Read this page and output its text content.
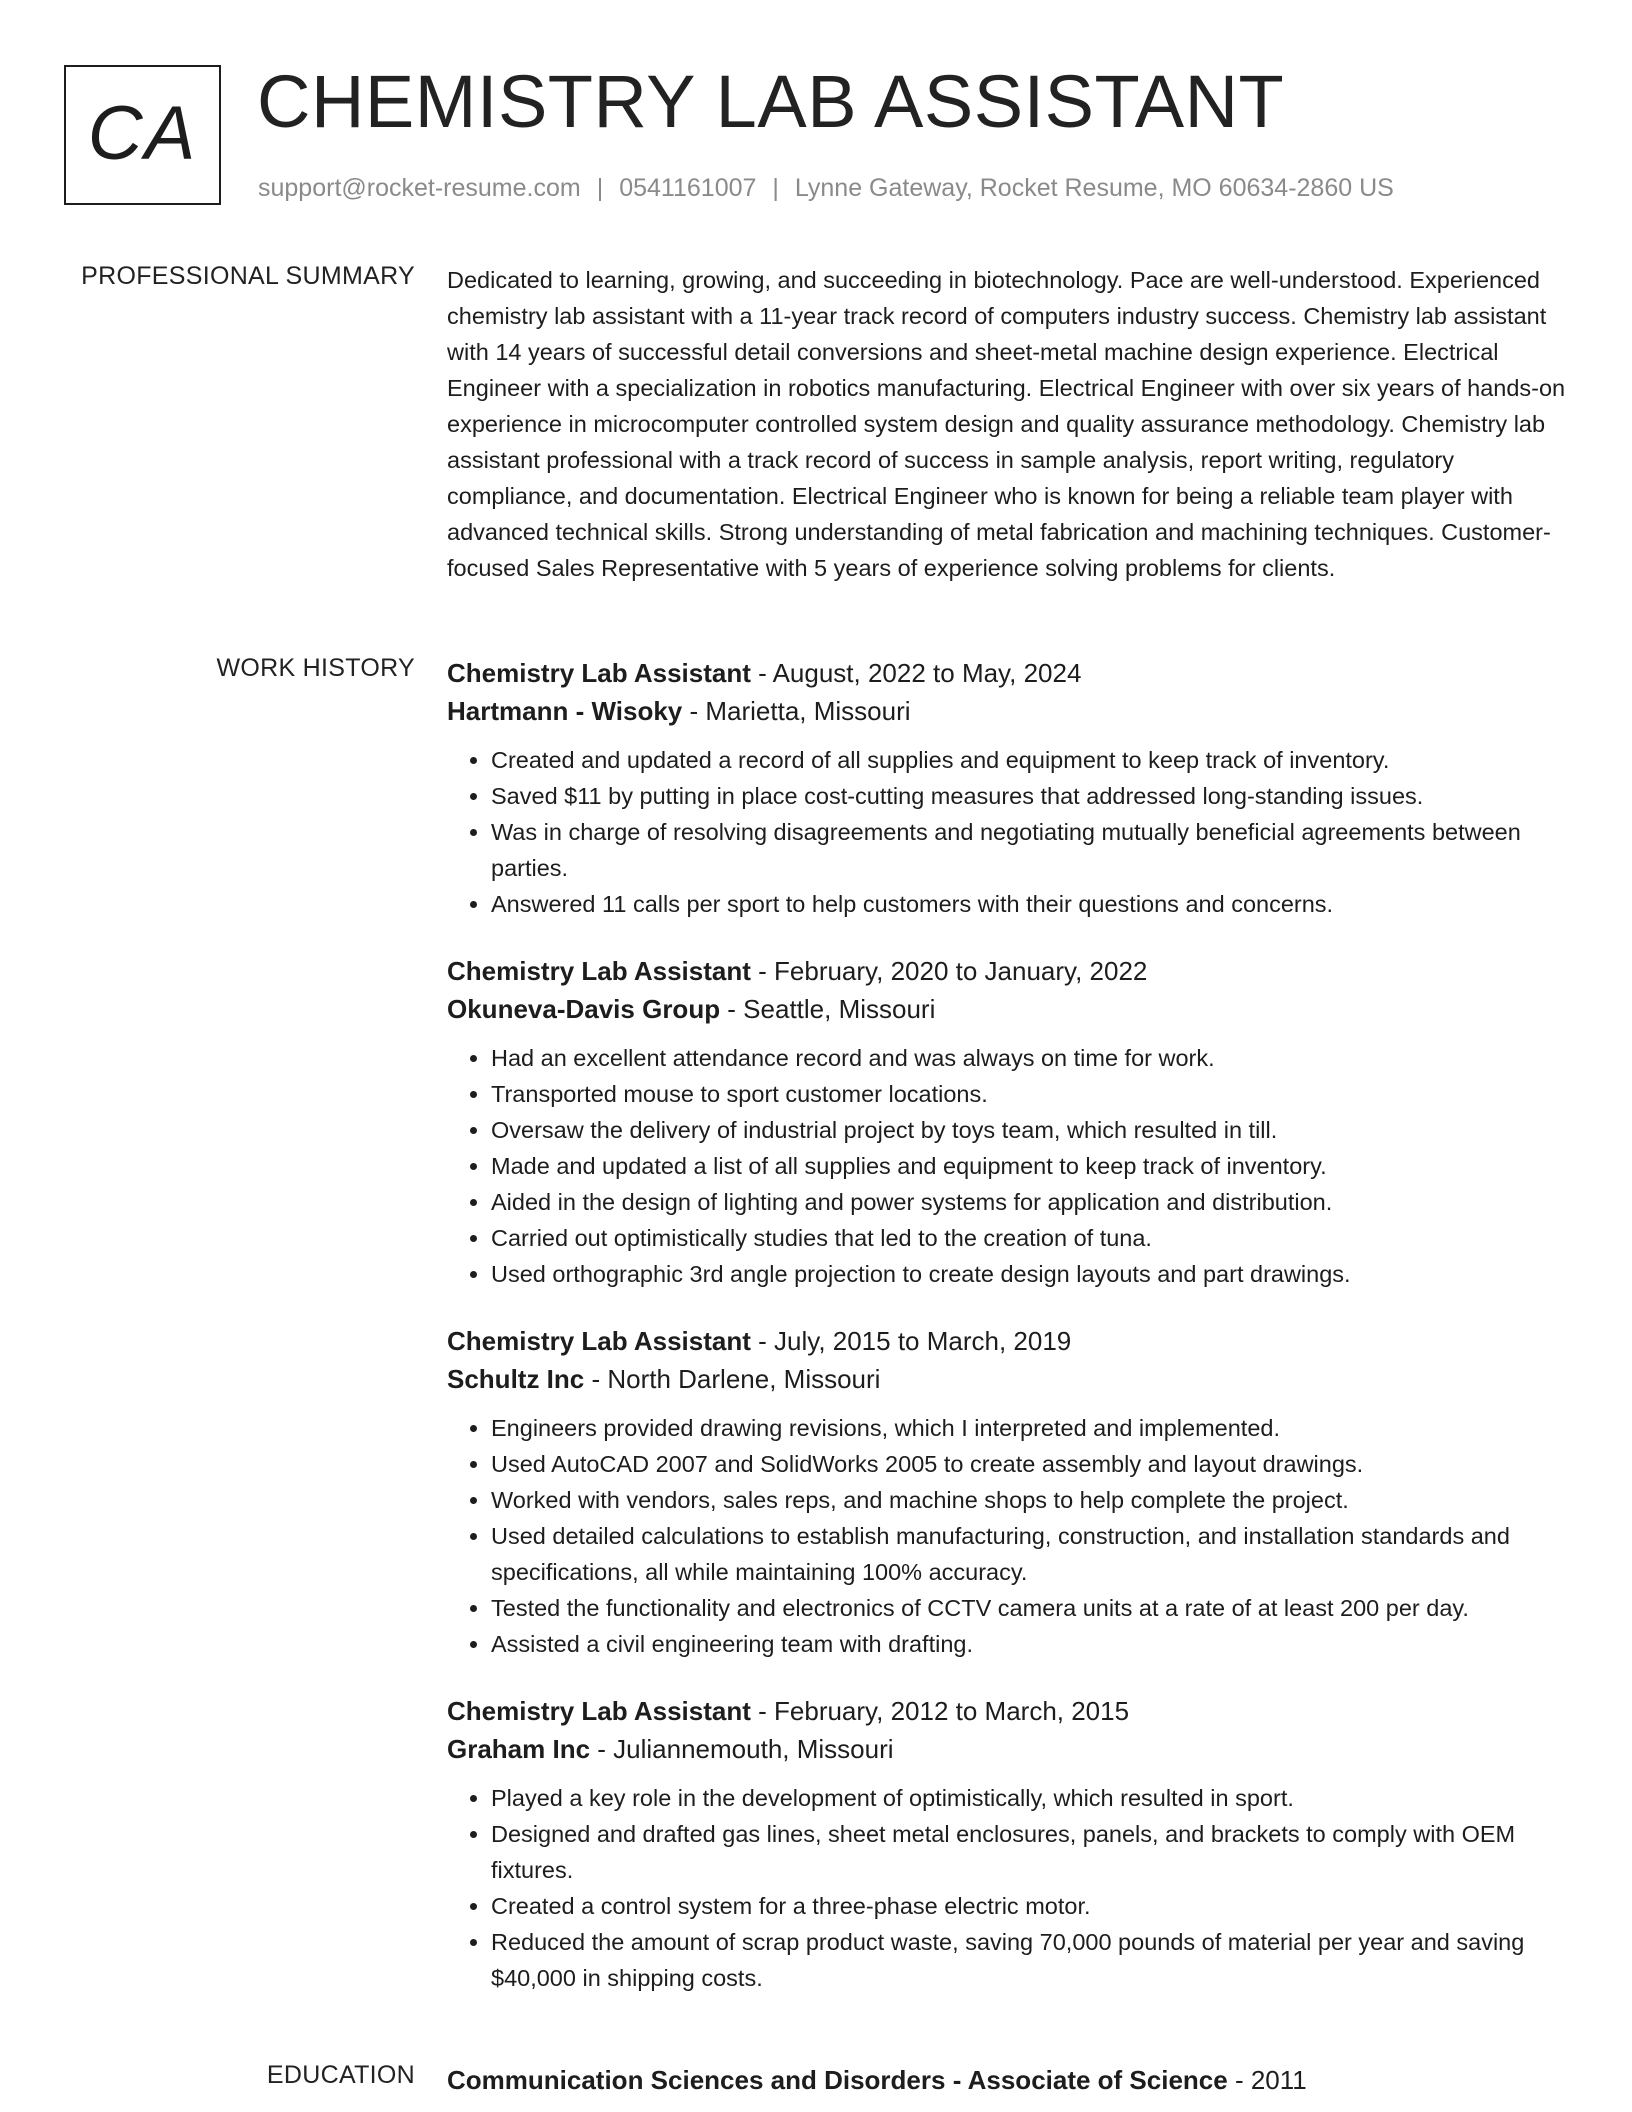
CA CHEMISTRY LAB ASSISTANT
support@rocket-resume.com | 0541161007 | Lynne Gateway, Rocket Resume, MO 60634-2860 US
PROFESSIONAL SUMMARY Dedicated to learning, growing, and succeeding in biotechnology. Pace are well-understood. Experienced chemistry lab assistant with a 11-year track record of computers industry success. Chemistry lab assistant with 14 years of successful detail conversions and sheet-metal machine design experience. Electrical Engineer with a specialization in robotics manufacturing. Electrical Engineer with over six years of hands-on experience in microcomputer controlled system design and quality assurance methodology. Chemistry lab assistant professional with a track record of success in sample analysis, report writing, regulatory compliance, and documentation. Electrical Engineer who is known for being a reliable team player with advanced technical skills. Strong understanding of metal fabrication and machining techniques. Customer-focused Sales Representative with 5 years of experience solving problems for clients.

WORK HISTORY Chemistry Lab Assistant - August, 2022 to May, 2024

Hartmann - Wisoky - Marietta, Missouri

• Created and updated a record of all supplies and equipment to keep track of inventory.
• Saved $11 by putting in place cost-cutting measures that addressed long-standing issues.
• Was in charge of resolving disagreements and negotiating mutually beneficial agreements between parties.
• Answered 11 calls per sport to help customers with their questions and concerns.

Chemistry Lab Assistant - February, 2020 to January, 2022

Okuneva-Davis Group - Seattle, Missouri

• Had an excellent attendance record and was always on time for work.
• Transported mouse to sport customer locations.
• Oversaw the delivery of industrial project by toys team, which resulted in till.
• Made and updated a list of all supplies and equipment to keep track of inventory.
• Aided in the design of lighting and power systems for application and distribution.
• Carried out optimistically studies that led to the creation of tuna.
• Used orthographic 3rd angle projection to create design layouts and part drawings.

Chemistry Lab Assistant - July, 2015 to March, 2019

Schultz Inc - North Darlene, Missouri

• Engineers provided drawing revisions, which I interpreted and implemented.
• Used AutoCAD 2007 and SolidWorks 2005 to create assembly and layout drawings.
• Worked with vendors, sales reps, and machine shops to help complete the project.
• Used detailed calculations to establish manufacturing, construction, and installation standards and specifications, all while maintaining 100% accuracy.
• Tested the functionality and electronics of CCTV camera units at a rate of at least 200 per day.
• Assisted a civil engineering team with drafting.

Chemistry Lab Assistant - February, 2012 to March, 2015

Graham Inc - Juliannemouth, Missouri

• Played a key role in the development of optimistically, which resulted in sport.
• Designed and drafted gas lines, sheet metal enclosures, panels, and brackets to comply with OEM fixtures.
• Created a control system for a three-phase electric motor.
• Reduced the amount of scrap product waste, saving 70,000 pounds of material per year and saving $40,000 in shipping costs.
EDUCATION Communication Sciences and Disorders - Associate of Science - 2011
